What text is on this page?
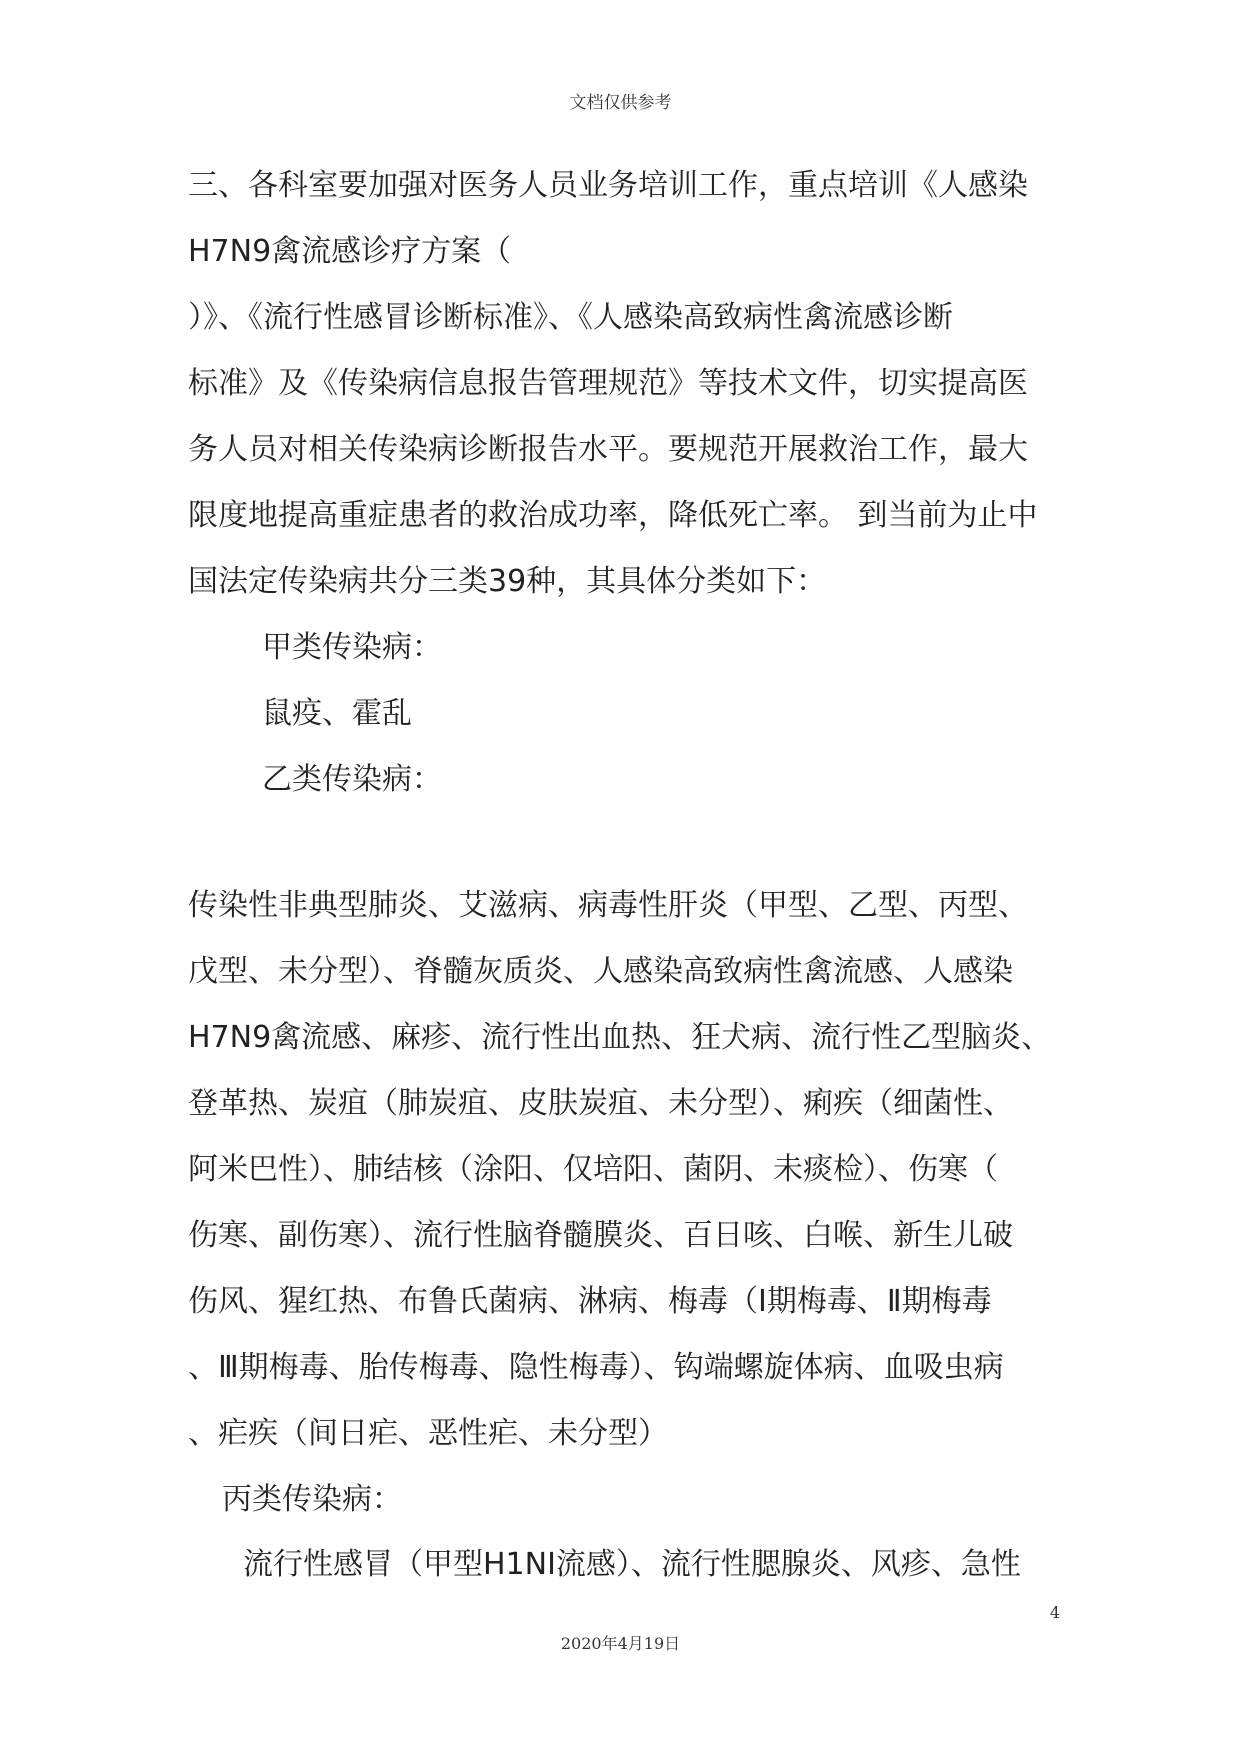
文档仅供参考
三、各科室要加强对医务人员业务培训工作，重点培训《人感染
H7N9禽流感诊疗方案（
）》、《流行性感冒诊断标准》、《人感染高致病性禽流感诊断
标准》及《传染病信息报告管理规范》等技术文件，切实提高医
务人员对相关传染病诊断报告水平。要规范开展救治工作，最大
限度地提高重症患者的救治成功率，降低死亡率。 到当前为止中
国法定传染病共分三类39种，其具体分类如下：
甲类传染病：
鼠疫、霍乱
乙类传染病：
传染性非典型肺炎、艾滋病、病毒性肝炎（甲型、乙型、丙型、
戊型、未分型）、脊髓灰质炎、人感染高致病性禽流感、人感染
H7N9禽流感、麻疹、流行性出血热、狂犬病、流行性乙型脑炎、
登革热、炭疽（肺炭疽、皮肤炭疽、未分型）、痢疾（细菌性、
阿米巴性）、肺结核（涂阳、仅培阳、菌阴、未痰检）、伤寒（
伤寒、副伤寒）、流行性脑脊髓膜炎、百日咳、白喉、新生儿破
伤风、猩红热、布鲁氏菌病、淋病、梅毒（Ⅰ期梅毒、Ⅱ期梅毒
、Ⅲ期梅毒、胎传梅毒、隐性梅毒）、钩端螺旋体病、血吸虫病
、疟疾（间日疟、恶性疟、未分型）
丙类传染病：
流行性感冒（甲型H1NI流感）、流行性腮腺炎、风疹、急性
4
2020年4月19日
